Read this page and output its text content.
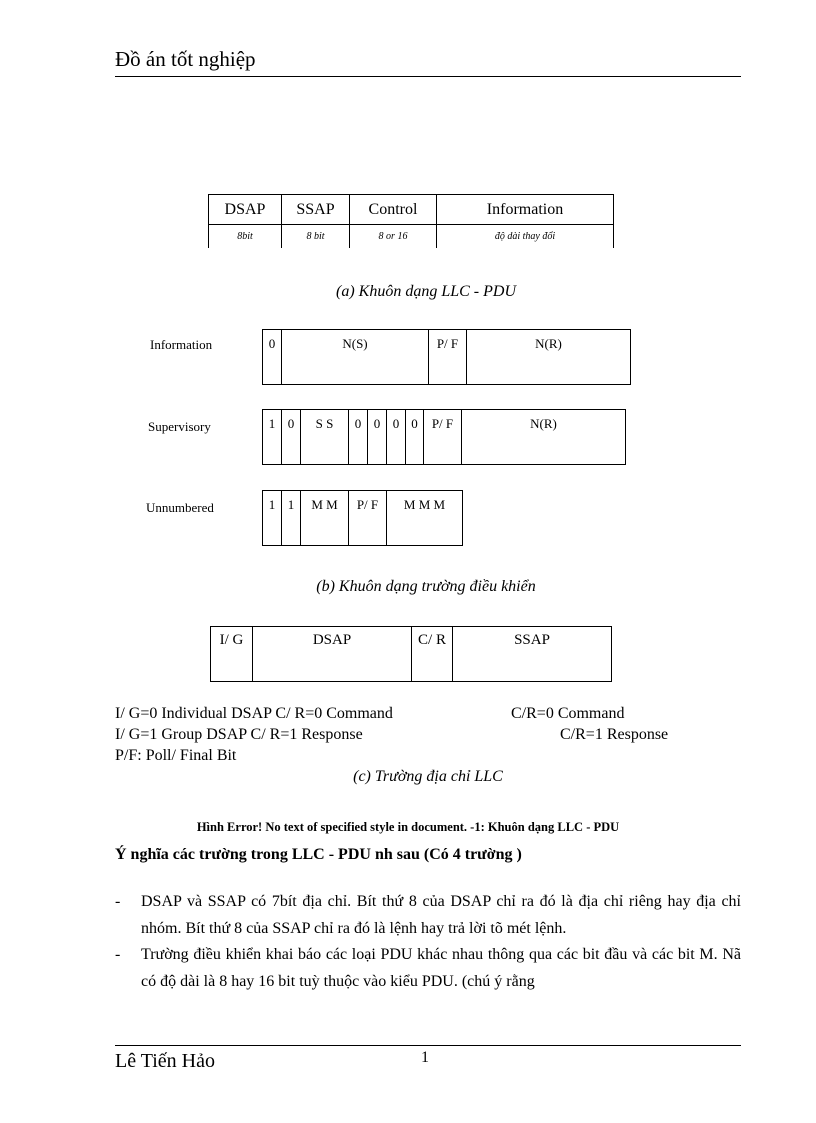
Đồ án tốt nghiệp
DSAP	SSAP	Control	Information
8bit	8 bit	8 or 16	độ dài thay đổi
(a) Khuôn dạng LLC - PDU
Information	0	N(S)	P/ F	N(R)
Supervisory	1	0	S S	0	0	0	0	P/ F	N(R)
Unnumbered	1	1	M M	P/ F	M M M
(b) Khuôn dạng trường điều khiển
I/ G	DSAP	C/ R	SSAP
I/ G=0 Individual DSAP C/ R=0 Command	C/R=0 Command
I/ G=1 Group DSAP C/ R=1 Response	C/R=1 Response
P/F: Poll/ Final Bit
(c) Trường địa chỉ LLC
Hình Error! No text of specified style in document. -1: Khuôn dạng LLC - PDU
Ý nghĩa các trường trong LLC - PDU nh sau (Có 4 trường )
- DSAP và SSAP có 7bít địa chỉ. Bít thứ 8 của DSAP chỉ ra đó là địa chỉ riêng hay địa chỉ nhóm. Bít thứ 8 của SSAP chỉ ra đó là lệnh hay trả lời tõ mét lệnh.
- Trường điều khiển khai báo các loại PDU khác nhau thông qua các bit đầu và các bit M. Nã có độ dài là 8 hay 16 bit tuỳ thuộc vào kiểu PDU. (chú ý rằng
Lê Tiến Hảo	1
